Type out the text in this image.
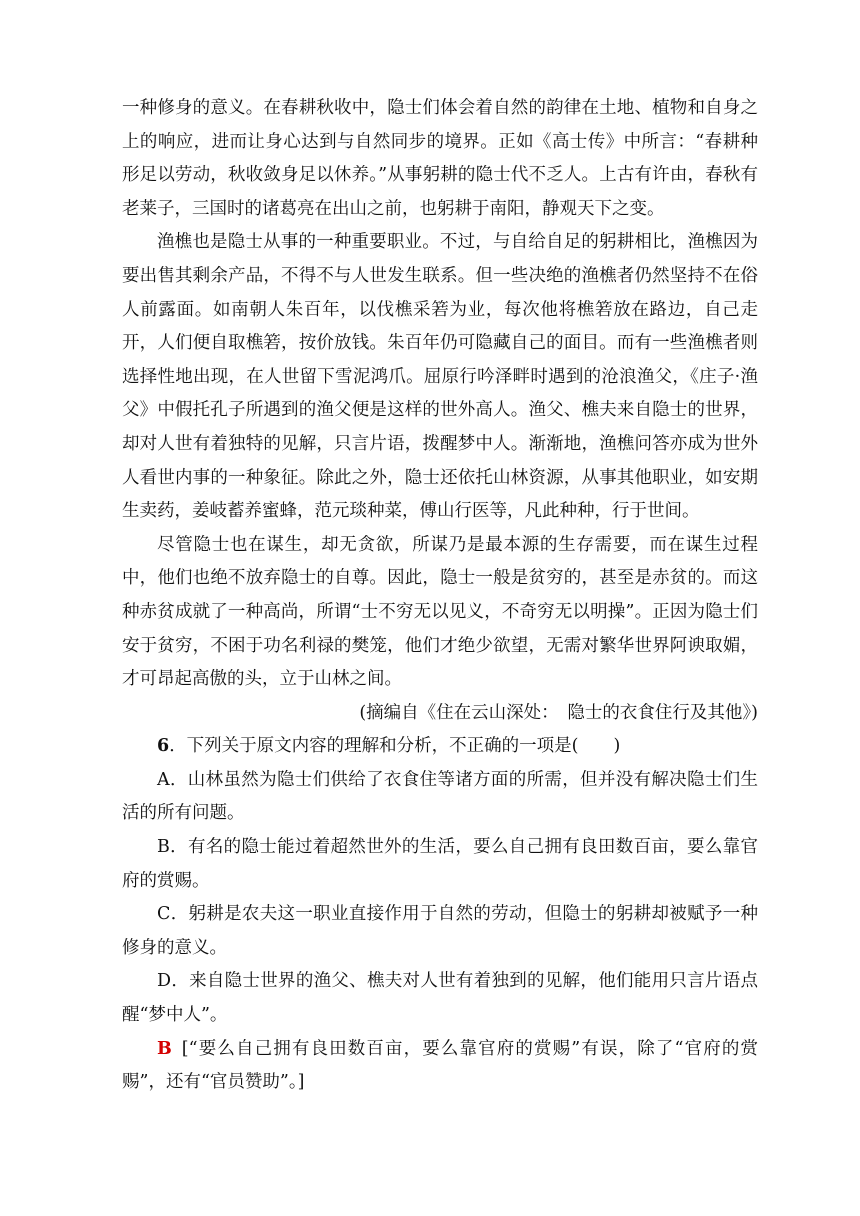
一种修身的意义。在春耕秋收中，隐士们体会着自然的韵律在土地、植物和自身之上的响应，进而让身心达到与自然同步的境界。正如《高士传》中所言：“春耕种形足以劳动，秋收敛身足以休养。”从事躬耕的隐士代不乏人。上古有许由，春秋有老莱子，三国时的诸葛亮在出山之前，也躬耕于南阳，静观天下之变。

渔樵也是隐士从事的一种重要职业。不过，与自给自足的躬耕相比，渔樵因为要出售其剩余产品，不得不与人世发生联系。但一些决绝的渔樵者仍然坚持不在俗人前露面。如南朝人朱百年，以伐樵采箬为业，每次他将樵箬放在路边，自己走开，人们便自取樵箬，按价放钱。朱百年仍可隐藏自己的面目。而有一些渔樵者则选择性地出现，在人世留下雪泥鸿爪。屈原行吟泽畔时遇到的沧浪渔父，《庄子·渔父》中假托孔子所遇到的渔父便是这样的世外高人。渔父、樵夫来自隐士的世界，却对人世有着独特的见解，只言片语，拨醒梦中人。渐渐地，渔樵问答亦成为世外人看世内事的一种象征。除此之外，隐士还依托山林资源，从事其他职业，如安期生卖药，姜岐蓄养蜜蜂，范元琰种菜，傅山行医等，凡此种种，行于世间。

尽管隐士也在谋生，却无贪欲，所谋乃是最本源的生存需要，而在谋生过程中，他们也绝不放弃隐士的自尊。因此，隐士一般是贫穷的，甚至是赤贫的。而这种赤贫成就了一种高尚，所谓“士不穷无以见义，不奇穷无以明操”。正因为隐士们安于贫穷，不困于功名利禄的樊笼，他们才绝少欲望，无需对繁华世界阿谀取媚，才可昂起高傲的头，立于山林之间。

(摘编自《住在云山深处：　隐士的衣食住行及其他》)

6．下列关于原文内容的理解和分析，不正确的一项是(　　)

A．山林虽然为隐士们供给了衣食住等诸方面的所需，但并没有解决隐士们生活的所有问题。

B．有名的隐士能过着超然世外的生活，要么自己拥有良田数百亩，要么靠官府的赏赐。

C．躬耕是农夫这一职业直接作用于自然的劳动，但隐士的躬耕却被赋予一种修身的意义。

D．来自隐士世界的渔父、樵夫对人世有着独到的见解，他们能用只言片语点醒“梦中人”。

B [“要么自己拥有良田数百亩，要么靠官府的赏赐”有误，除了“官府的赏赐”，还有“官员赞助”。]
